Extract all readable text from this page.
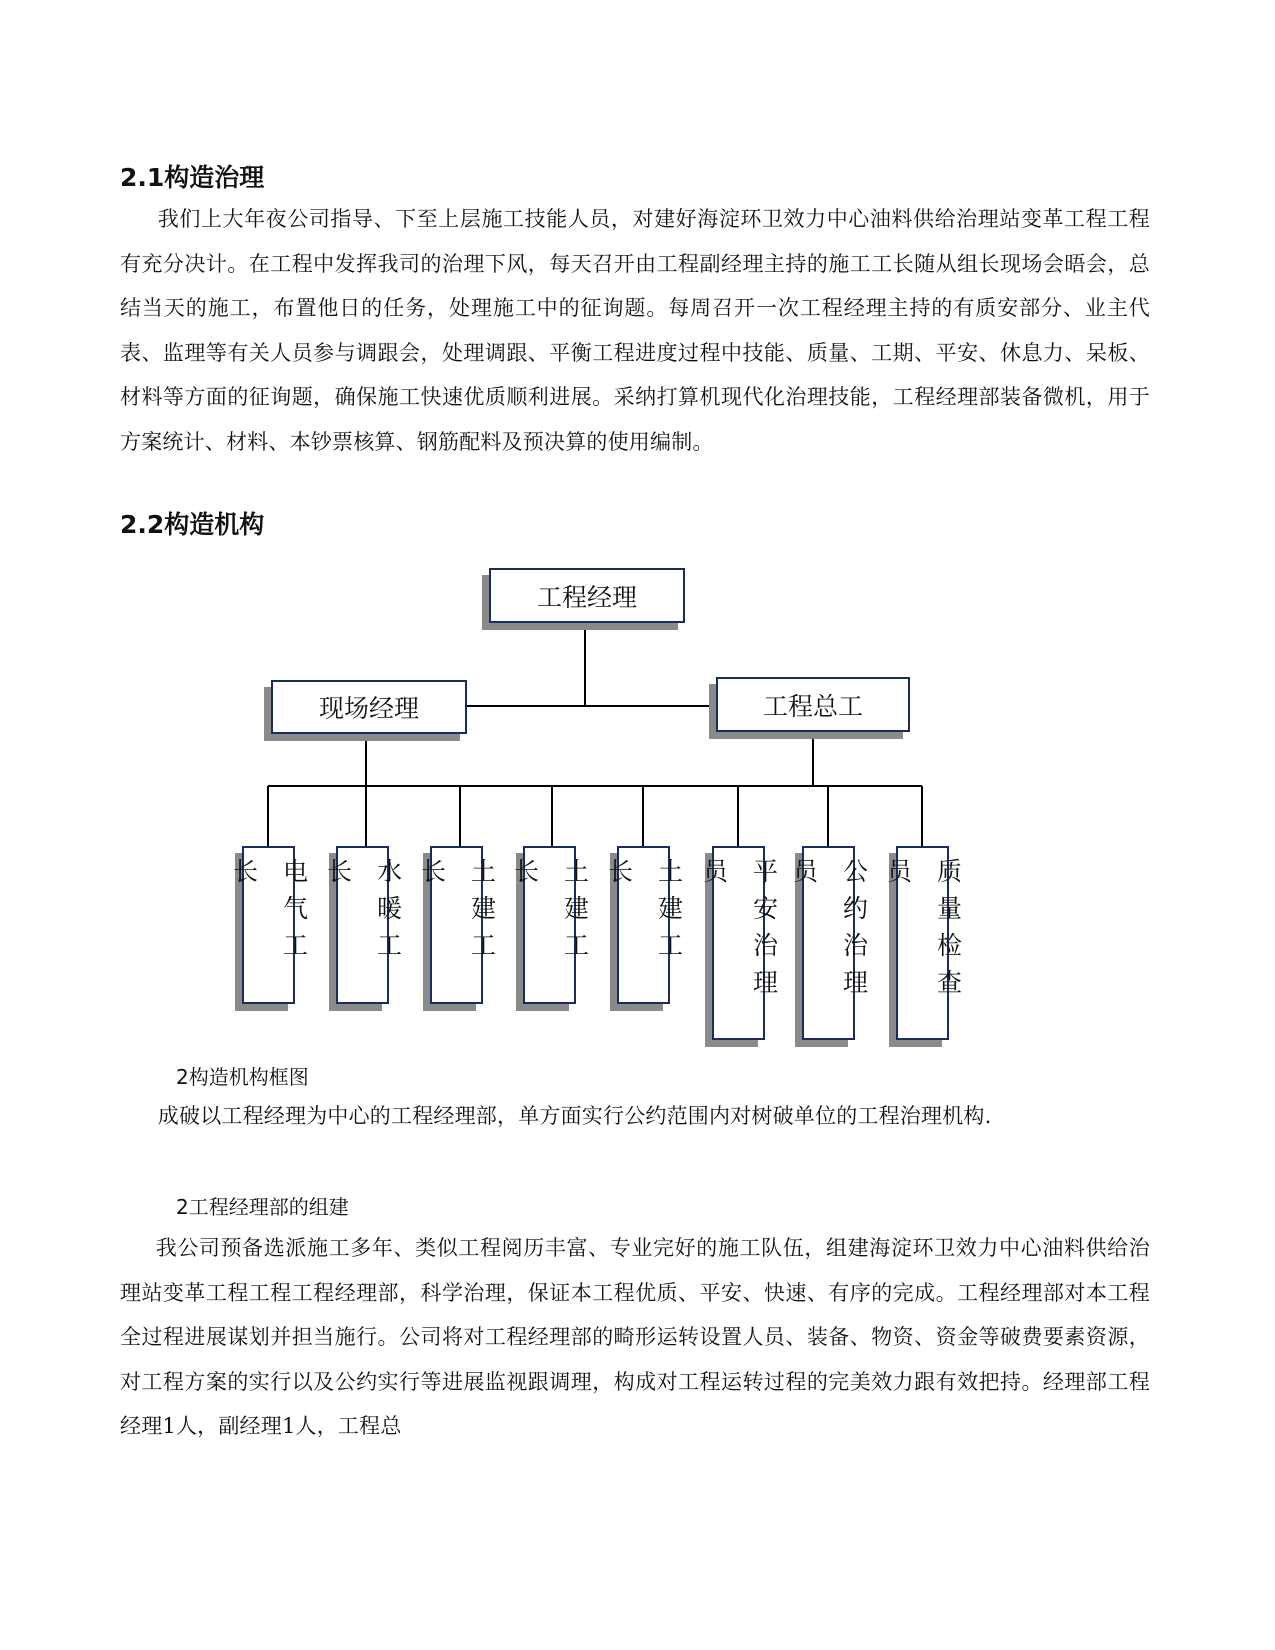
2.1构造治理

我们上大年夜公司指导、下至上层施工技能人员，对建好海淀环卫效力中心油料供给治理站变革工程工程有充分决计。在工程中发挥我司的治理下风，每天召开由工程副经理主持的施工工长随从组长现场会晤会，总结当天的施工，布置他日的任务，处理施工中的征询题。每周召开一次工程经理主持的有质安部分、业主代表、监理等有关人员参与调跟会，处理调跟、平衡工程进度过程中技能、质量、工期、平安、休息力、呆板、材料等方面的征询题，确保施工快速优质顺利进展。采纳打算机现代化治理技能，工程经理部装备微机，用于方案统计、材料、本钞票核算、钢筋配料及预决算的使用编制。

2.2构造机构
工程经理
现场经理	工程总工
电气工长	水暖工长	土建工长	土建工长	土建工长	平安治理员	公约治理员	质量检查员

2构造机构框图

成破以工程经理为中心的工程经理部，单方面实行公约范围内对树破单位的工程治理机构.

2工程经理部的组建

我公司预备选派施工多年、类似工程阅历丰富、专业完好的施工队伍，组建海淀环卫效力中心油料供给治理站变革工程工程工程经理部，科学治理，保证本工程优质、平安、快速、有序的完成。工程经理部对本工程全过程进展谋划并担当施行。公司将对工程经理部的畸形运转设置人员、装备、物资、资金等破费要素资源，对工程方案的实行以及公约实行等进展监视跟调理，构成对工程运转过程的完美效力跟有效把持。经理部工程经理1人，副经理1人，工程总
